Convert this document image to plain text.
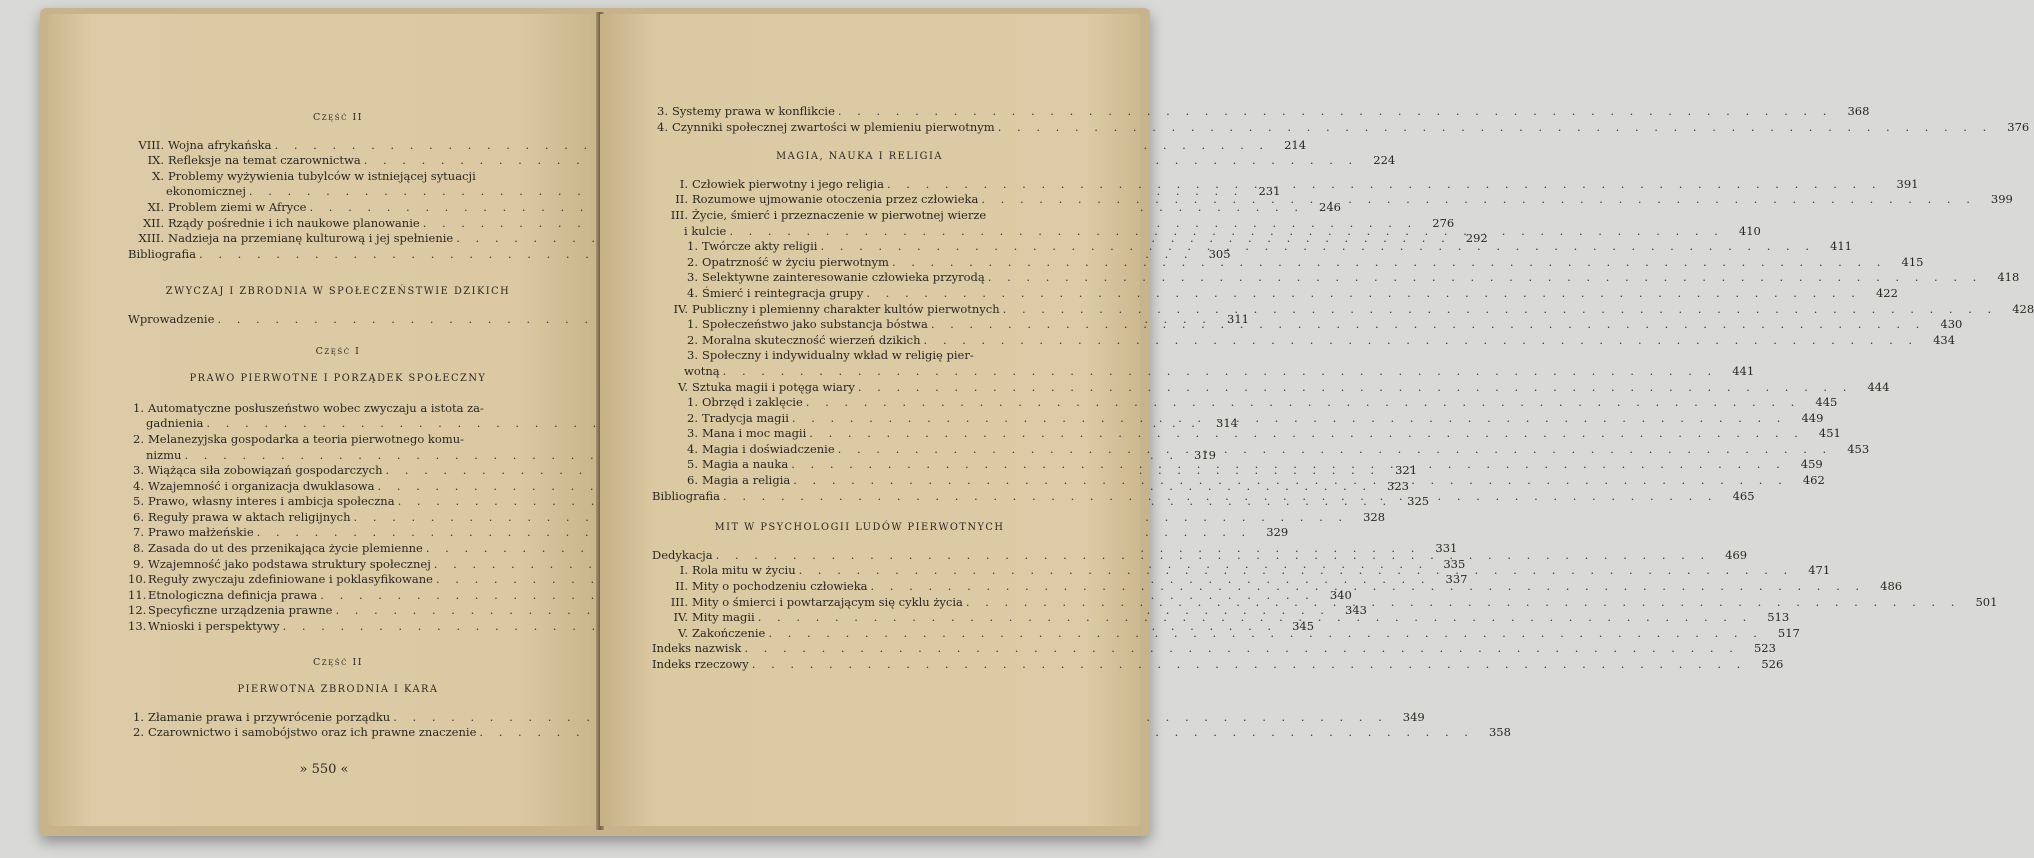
Część II
VIII. Wojna afrykańska . . .	214
IX. Refleksje na temat czarownictwa . . .	224
X. Problemy wyżywienia tubylców w istniejącej sytuacji
ekonomicznej . . .	231
XI. Problem ziemi w Afryce . . .	246
XII. Rządy pośrednie i ich naukowe planowanie . . .	276
XIII. Nadzieja na przemianę kulturową i jej spełnienie . . .	292
Bibliografia . . .	305
ZWYCZAJ I ZBRODNIA W SPOŁECZEŃSTWIE DZIKICH
Wprowadzenie . . .	311
Część I
PRAWO PIERWOTNE I PORZĄDEK SPOŁECZNY
1. Automatyczne posłuszeństwo wobec zwyczaju a istota za-
gadnienia . . .	314
2. Melanezyjska gospodarka a teoria pierwotnego komu-
nizmu . . .	319
3. Wiążąca siła zobowiązań gospodarczych . . .	321
4. Wzajemność i organizacja dwuklasowa . . .	323
5. Prawo, własny interes i ambicja społeczna . . .	325
6. Reguły prawa w aktach religijnych . . .	328
7. Prawo małżeńskie . . .	329
8. Zasada do ut des przenikająca życie plemienne . . .	331
9. Wzajemność jako podstawa struktury społecznej . . .	335
10. Reguły zwyczaju zdefiniowane i poklasyfikowane . . .	337
11. Etnologiczna definicja prawa . . .	340
12. Specyficzne urządzenia prawne . . .	343
13. Wnioski i perspektywy . . .	345
Część II
PIERWOTNA ZBRODNIA I KARA
1. Złamanie prawa i przywrócenie porządku . . .	349
2. Czarownictwo i samobójstwo oraz ich prawne znaczenie . . .	358
» 550 «
3. Systemy prawa w konflikcie . . .	368
4. Czynniki społecznej zwartości w plemieniu pierwotnym . . .	376
MAGIA, NAUKA I RELIGIA
I. Człowiek pierwotny i jego religia . . .	391
II. Rozumowe ujmowanie otoczenia przez człowieka . . .	399
III. Życie, śmierć i przeznaczenie w pierwotnej wierze
i kulcie . . .	410
1. Twórcze akty religii . . .	411
2. Opatrzność w życiu pierwotnym . . .	415
3. Selektywne zainteresowanie człowieka przyrodą . . .	418
4. Śmierć i reintegracja grupy . . .	422
IV. Publiczny i plemienny charakter kultów pierwotnych . . .	428
1. Społeczeństwo jako substancja bóstwa . . .	430
2. Moralna skuteczność wierzeń dzikich . . .	434
3. Społeczny i indywidualny wkład w religię pier-
wotną . . .	441
V. Sztuka magii i potęga wiary . . .	444
1. Obrzęd i zaklęcie . . .	445
2. Tradycja magii . . .	449
3. Mana i moc magii . . .	451
4. Magia i doświadczenie . . .	453
5. Magia a nauka . . .	459
6. Magia a religia . . .	462
Bibliografia . . .	465
MIT W PSYCHOLOGII LUDÓW PIERWOTNYCH
Dedykacja . . .	469
I. Rola mitu w życiu . . .	471
II. Mity o pochodzeniu człowieka . . .	486
III. Mity o śmierci i powtarzającym się cyklu życia . . .	501
IV. Mity magii . . .	513
V. Zakończenie . . .	517
Indeks nazwisk . . .	523
Indeks rzeczowy . . .	526
